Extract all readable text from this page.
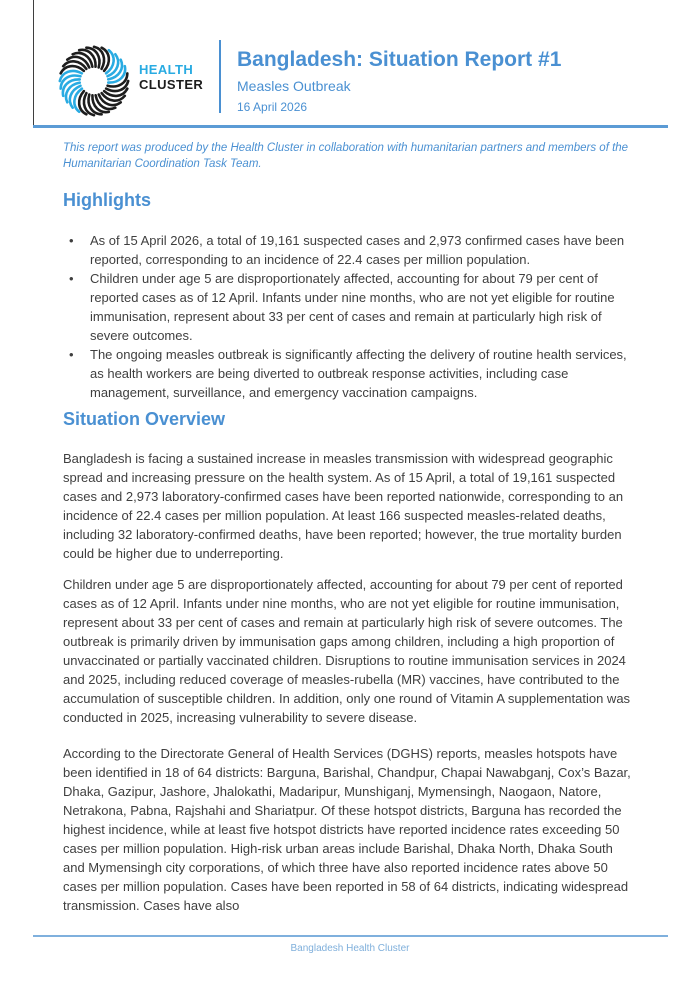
HEALTH
CLUSTER
Bangladesh: Situation Report #1
Measles Outbreak
16 April 2026

This report was produced by the Health Cluster in collaboration with humanitarian partners and members of the Humanitarian Coordination Task Team.

Highlights
• As of 15 April 2026, a total of 19,161 suspected cases and 2,973 confirmed cases have been reported, corresponding to an incidence of 22.4 cases per million population.
• Children under age 5 are disproportionately affected, accounting for about 79 per cent of reported cases as of 12 April. Infants under nine months, who are not yet eligible for routine immunisation, represent about 33 per cent of cases and remain at particularly high risk of severe outcomes.
• The ongoing measles outbreak is significantly affecting the delivery of routine health services, as health workers are being diverted to outbreak response activities, including case management, surveillance, and emergency vaccination campaigns.
Situation Overview

Bangladesh is facing a sustained increase in measles transmission with widespread geographic spread and increasing pressure on the health system. As of 15 April, a total of 19,161 suspected cases and 2,973 laboratory-confirmed cases have been reported nationwide, corresponding to an incidence of 22.4 cases per million population. At least 166 suspected measles-related deaths, including 32 laboratory-confirmed deaths, have been reported; however, the true mortality burden could be higher due to underreporting.

Children under age 5 are disproportionately affected, accounting for about 79 per cent of reported cases as of 12 April. Infants under nine months, who are not yet eligible for routine immunisation, represent about 33 per cent of cases and remain at particularly high risk of severe outcomes. The outbreak is primarily driven by immunisation gaps among children, including a high proportion of unvaccinated or partially vaccinated children. Disruptions to routine immunisation services in 2024 and 2025, including reduced coverage of measles-rubella (MR) vaccines, have contributed to the accumulation of susceptible children. In addition, only one round of Vitamin A supplementation was conducted in 2025, increasing vulnerability to severe disease.

According to the Directorate General of Health Services (DGHS) reports, measles hotspots have been identified in 18 of 64 districts: Barguna, Barishal, Chandpur, Chapai Nawabganj, Cox’s Bazar, Dhaka, Gazipur, Jashore, Jhalokathi, Madaripur, Munshiganj, Mymensingh, Naogaon, Natore, Netrakona, Pabna, Rajshahi and Shariatpur. Of these hotspot districts, Barguna has recorded the highest incidence, while at least five hotspot districts have reported incidence rates exceeding 50 cases per million population. High-risk urban areas include Barishal, Dhaka North, Dhaka South and Mymensingh city corporations, of which three have also reported incidence rates above 50 cases per million population. Cases have been reported in 58 of 64 districts, indicating widespread transmission. Cases have also

Bangladesh Health Cluster
